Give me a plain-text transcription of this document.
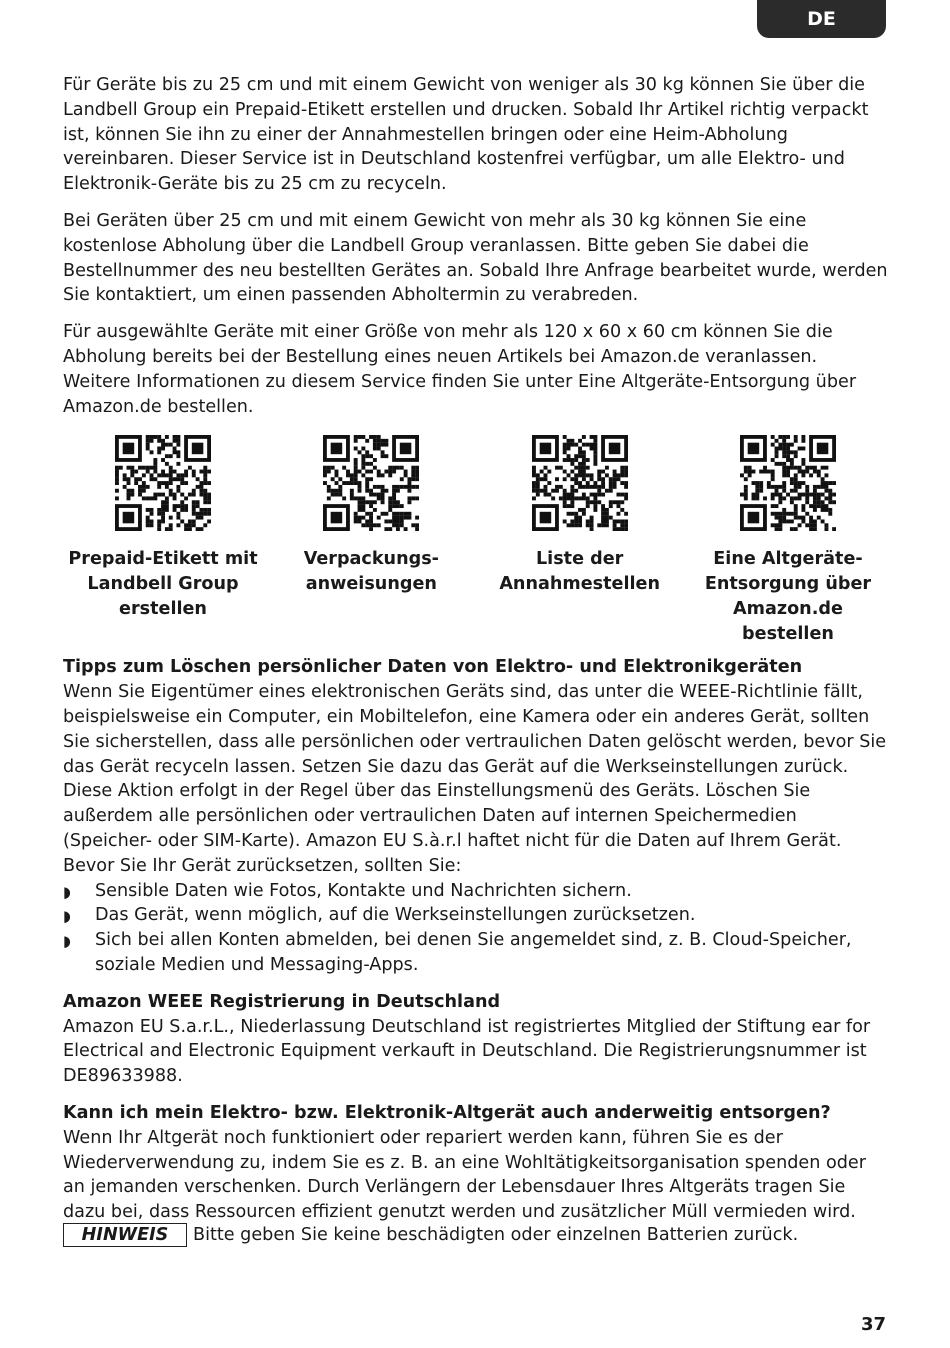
DE

Für Geräte bis zu 25 cm und mit einem Gewicht von weniger als 30 kg können Sie über die Landbell Group ein Prepaid-Etikett erstellen und drucken. Sobald Ihr Artikel richtig verpackt ist, können Sie ihn zu einer der Annahmestellen bringen oder eine Heim-Abholung vereinbaren. Dieser Service ist in Deutschland kostenfrei verfügbar, um alle Elektro- und Elektronik-Geräte bis zu 25 cm zu recyceln.

Bei Geräten über 25 cm und mit einem Gewicht von mehr als 30 kg können Sie eine kostenlose Abholung über die Landbell Group veranlassen. Bitte geben Sie dabei die Bestellnummer des neu bestellten Gerätes an. Sobald Ihre Anfrage bearbeitet wurde, werden Sie kontaktiert, um einen passenden Abholtermin zu verabreden.

Für ausgewählte Geräte mit einer Größe von mehr als 120 x 60 x 60 cm können Sie die Abholung bereits bei der Bestellung eines neuen Artikels bei Amazon.de veranlassen. Weitere Informationen zu diesem Service finden Sie unter Eine Altgeräte-Entsorgung über Amazon.de bestellen.

Prepaid-Etikett mit Landbell Group erstellen
Verpackungs-anweisungen
Liste der Annahmestellen
Eine Altgeräte-Entsorgung über Amazon.de bestellen
Tipps zum Löschen persönlicher Daten von Elektro- und Elektronikgeräten
Wenn Sie Eigentümer eines elektronischen Geräts sind, das unter die WEEE-Richtlinie fällt, beispielsweise ein Computer, ein Mobiltelefon, eine Kamera oder ein anderes Gerät, sollten Sie sicherstellen, dass alle persönlichen oder vertraulichen Daten gelöscht werden, bevor Sie das Gerät recyceln lassen. Setzen Sie dazu das Gerät auf die Werkseinstellungen zurück. Diese Aktion erfolgt in der Regel über das Einstellungsmenü des Geräts. Löschen Sie außerdem alle persönlichen oder vertraulichen Daten auf internen Speichermedien (Speicher- oder SIM-Karte). Amazon EU S.à.r.l haftet nicht für die Daten auf Ihrem Gerät. Bevor Sie Ihr Gerät zurücksetzen, sollten Sie:
◗ Sensible Daten wie Fotos, Kontakte und Nachrichten sichern.
◗ Das Gerät, wenn möglich, auf die Werkseinstellungen zurücksetzen.
◗ Sich bei allen Konten abmelden, bei denen Sie angemeldet sind, z. B. Cloud-Speicher, soziale Medien und Messaging-Apps.
Amazon WEEE Registrierung in Deutschland
Amazon EU S.a.r.L., Niederlassung Deutschland ist registriertes Mitglied der Stiftung ear for Electrical and Electronic Equipment verkauft in Deutschland. Die Registrierungsnummer ist DE89633988.
Kann ich mein Elektro- bzw. Elektronik-Altgerät auch anderweitig entsorgen?
Wenn Ihr Altgerät noch funktioniert oder repariert werden kann, führen Sie es der Wiederverwendung zu, indem Sie es z. B. an eine Wohltätigkeitsorganisation spenden oder an jemanden verschenken. Durch Verlängern der Lebensdauer Ihres Altgeräts tragen Sie dazu bei, dass Ressourcen effizient genutzt werden und zusätzlicher Müll vermieden wird.
HINWEIS	Bitte geben Sie keine beschädigten oder einzelnen Batterien zurück.
37
